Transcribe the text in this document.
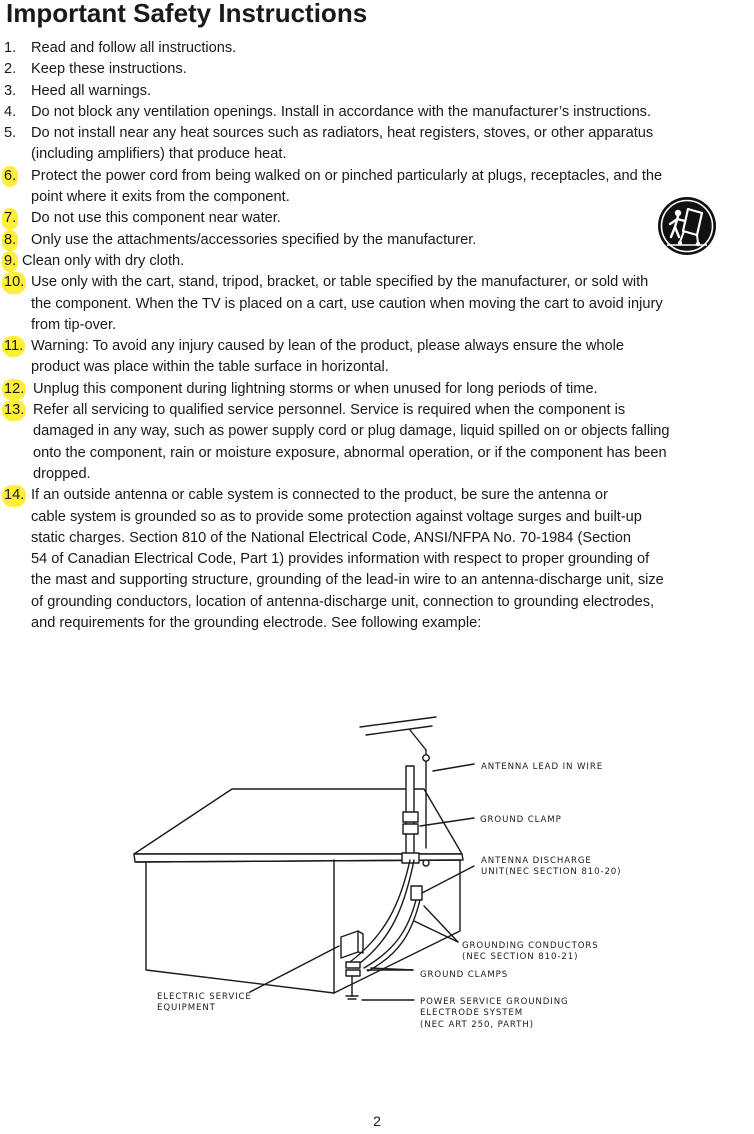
Important Safety Instructions
1. Read and follow all instructions.
2. Keep these instructions.
3. Heed all warnings.
4. Do not block any ventilation openings. Install in accordance with the manufacturer’s instructions.
5. Do not install near any heat sources such as radiators, heat registers, stoves, or other apparatus
(including amplifiers) that produce heat.
6. Protect the power cord from being walked on or pinched particularly at plugs, receptacles, and the
point where it exits from the component.
7. Do not use this component near water.
8. Only use the attachments/accessories specified by the manufacturer.
9. Clean only with dry cloth.
10. Use only with the cart, stand, tripod, bracket, or table specified by the manufacturer, or sold with
the component. When the TV is placed on a cart, use caution when moving the cart to avoid injury
from tip-over.
11. Warning: To avoid any injury caused by lean of the product, please always ensure the whole
product was place within the table surface in horizontal.
12. Unplug this component during lightning storms or when unused for long periods of time.
13. Refer all servicing to qualified service personnel. Service is required when the component is
damaged in any way, such as power supply cord or plug damage, liquid spilled on or objects falling
onto the component, rain or moisture exposure, abnormal operation, or if the component has been
dropped.
14. If an outside antenna or cable system is connected to the product, be sure the antenna or
cable system is grounded so as to provide some protection against voltage surges and built-up
static charges. Section 810 of the National Electrical Code, ANSI/NFPA No. 70-1984 (Section
54 of Canadian Electrical Code, Part 1) provides information with respect to proper grounding of
the mast and supporting structure, grounding of the lead-in wire to an antenna-discharge unit, size
of grounding conductors, location of antenna-discharge unit, connection to grounding electrodes,
and requirements for the grounding electrode. See following example:
ANTENNA LEAD IN WIRE
GROUND CLAMP
ANTENNA DISCHARGE
UNIT(NEC SECTION 810-20)
GROUNDING CONDUCTORS
(NEC SECTION 810-21)
GROUND CLAMPS
ELECTRIC SERVICE
EQUIPMENT
POWER SERVICE GROUNDING
ELECTRODE SYSTEM
(NEC ART 250, PARTH)
2
